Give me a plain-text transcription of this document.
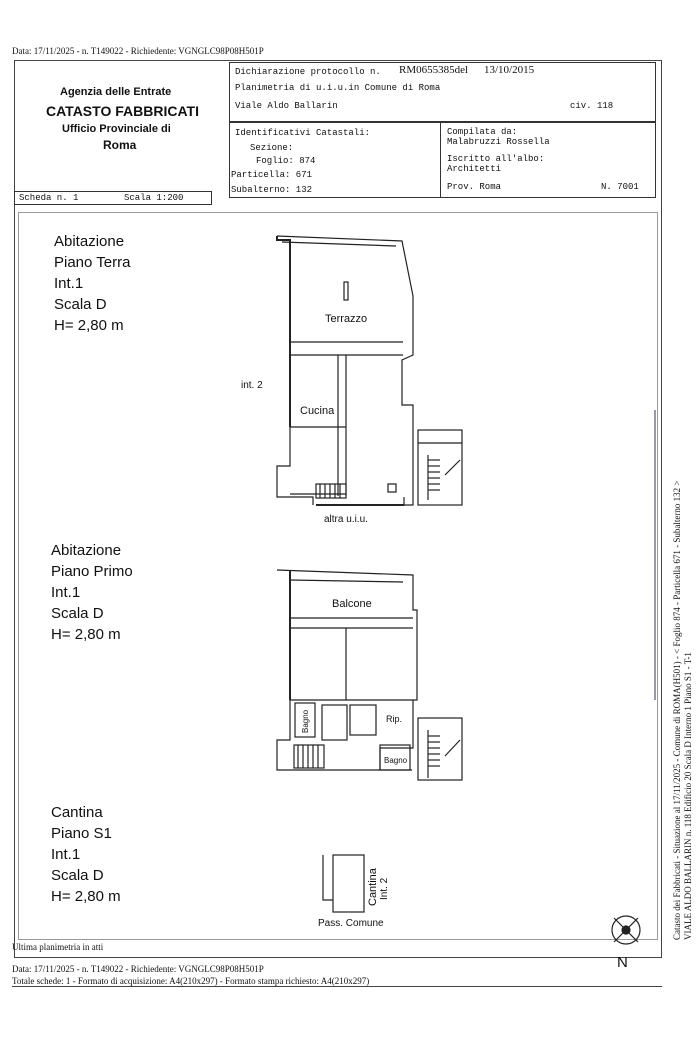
Data: 17/11/2025 - n. T149022 - Richiedente: VGNGLC98P08H501P
Agenzia delle Entrate
CATASTO FABBRICATI
Ufficio Provinciale di
Roma
Dichiarazione protocollo n. RM0655385del 13/10/2015
Planimetria di u.i.u.in Comune di Roma
Viale Aldo Ballarin	civ. 118
Identificativi Catastali:
Sezione:
Foglio: 874
Particella: 671
Subalterno: 132
Compilata da:
Malabruzzi Rossella
Iscritto all'albo:
Architetti
Prov. Roma	N. 7001
Scheda n. 1	Scala 1:200
Abitazione
Piano Terra
Int.1
Scala D
H= 2,80 m
Abitazione
Piano Primo
Int.1
Scala D
H= 2,80 m
Cantina
Piano S1
Int.1
Scala D
H= 2,80 m
Terrazzo
Cucina
int. 2
altra u.i.u.
Balcone
Bagno	Rip.
Bagno
Cantina Int. 2
Pass. Comune
N
Catasto dei Fabbricati - Situazione al 17/11/2025 - Comune di ROMA(H501) - < Foglio 874 - Particella 671 - Subalterno 132 > VIALE ALDO BALLARIN n. 118 Edificio 20 Scala D Interno 1 Piano S1 - T-1
Ultima planimetria in atti
Data: 17/11/2025 - n. T149022 - Richiedente: VGNGLC98P08H501P
Totale schede: 1 - Formato di acquisizione: A4(210x297) - Formato stampa richiesto: A4(210x297)
